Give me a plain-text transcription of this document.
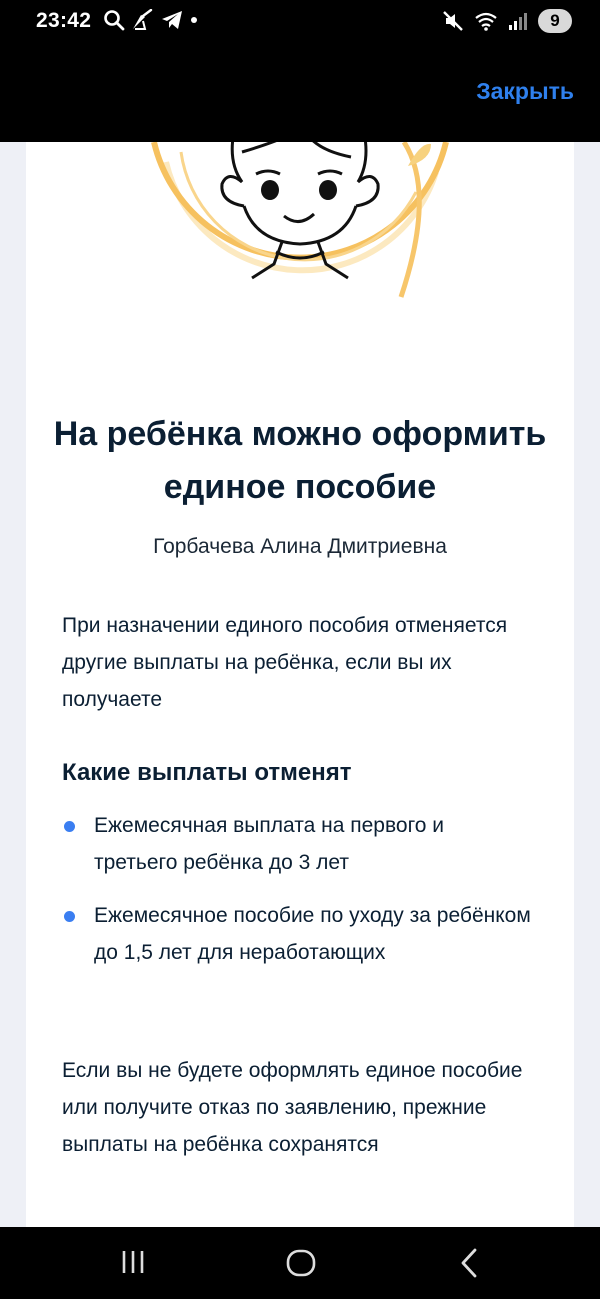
23:42	9
Закрыть
На ребёнка можно оформить единое пособие
Горбачева Алина Дмитриевна
При назначении единого пособия отменяется другие выплаты на ребёнка, если вы их получаете
Какие выплаты отменят
Ежемесячная выплата на первого и третьего ребёнка до 3 лет
Ежемесячное пособие по уходу за ребёнком до 1,5 лет для неработающих
Если вы не будете оформлять единое пособие или получите отказ по заявлению, прежние выплаты на ребёнка сохранятся
